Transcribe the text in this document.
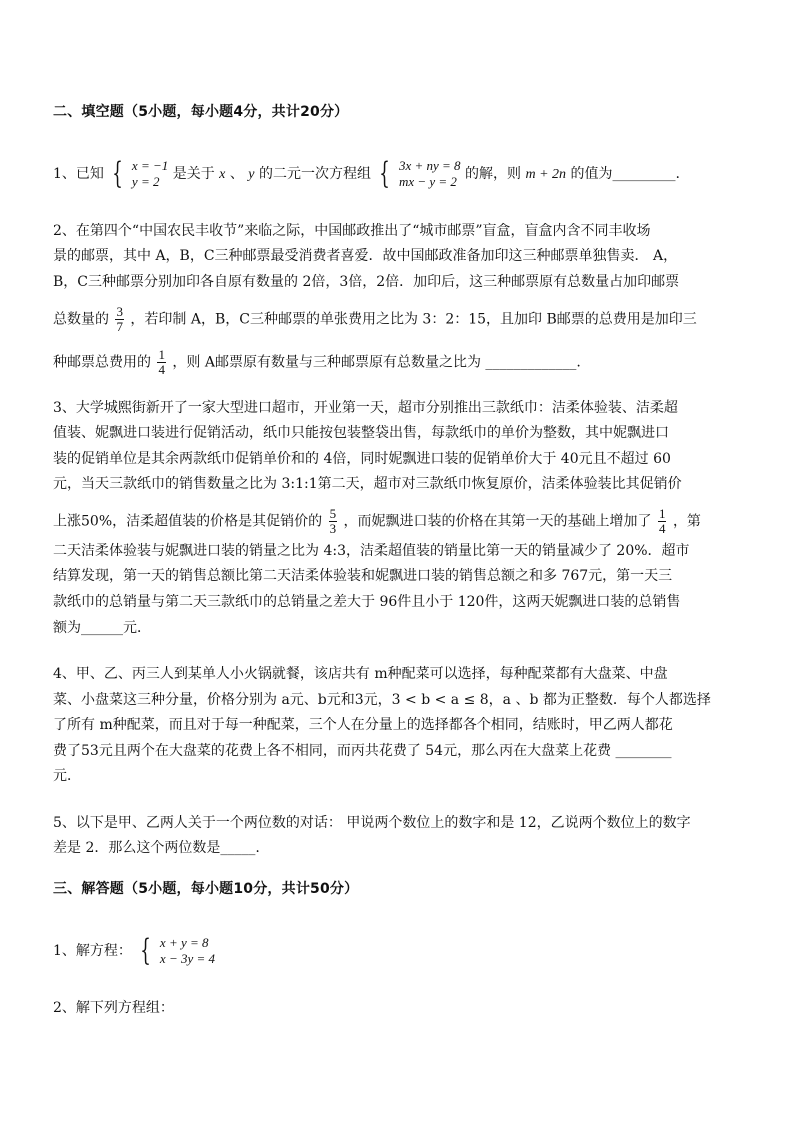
二、填空题（5小题，每小题4分，共计20分）
1、已知 { x = −1
y = 2 是关于 x 、 y 的二元一次方程组 { 3x + ny = 8
mx − y = 2 的解，则 m + 2n 的值为_________.
2、在第四个“中国农民丰收节”来临之际，中国邮政推出了“城市邮票”盲盒，盲盒内含不同丰收场
景的邮票，其中 A，B，C三种邮票最受消费者喜爱．故中国邮政准备加印这三种邮票单独售卖． A，
B，C三种邮票分别加印各自原有数量的 2倍，3倍，2倍．加印后，这三种邮票原有总数量占加印邮票
总数量的 $\frac{3}{7}$ ，若印制 A，B，C三种邮票的单张费用之比为 3：2：15，且加印 B邮票的总费用是加印三
种邮票总费用的 $\frac{1}{4}$ ，则 A邮票原有数量与三种邮票原有总数量之比为 _____________.
3、大学城熙街新开了一家大型进口超市，开业第一天，超市分别推出三款纸巾：洁柔体验装、洁柔超
值装、妮飘进口装进行促销活动，纸巾只能按包装整袋出售，每款纸巾的单价为整数，其中妮飘进口
装的促销单位是其余两款纸巾促销单价和的 4倍，同时妮飘进口装的促销单价大于 40元且不超过 60
元，当天三款纸巾的销售数量之比为 3:1:1第二天，超市对三款纸巾恢复原价，洁柔体验装比其促销价
上涨50%，洁柔超值装的价格是其促销价的 $\frac{5}{3}$ ，而妮飘进口装的价格在其第一天的基础上增加了 $\frac{1}{4}$ ，第
二天洁柔体验装与妮飘进口装的销量之比为 4:3，洁柔超值装的销量比第一天的销量减少了 20%．超市
结算发现，第一天的销售总额比第二天洁柔体验装和妮飘进口装的销售总额之和多 767元，第一天三
款纸巾的总销量与第二天三款纸巾的总销量之差大于 96件且小于 120件，这两天妮飘进口装的总销售
额为______元．
4、甲、乙、丙三人到某单人小火锅就餐，该店共有 m种配菜可以选择，每种配菜都有大盘菜、中盘
菜、小盘菜这三种分量，价格分别为 a元、b元和3元，3 < b < a ≤ 8，a 、b 都为正整数．每个人都选择
了所有 m种配菜，而且对于每一种配菜，三个人在分量上的选择都各个相同，结账时，甲乙两人都花
费了53元且两个在大盘菜的花费上各不相同，而丙共花费了 54元，那么丙在大盘菜上花费 ________
元．
5、以下是甲、乙两人关于一个两位数的对话： 甲说两个数位上的数字和是 12，乙说两个数位上的数字
差是 2．那么这个两位数是_____.
三、解答题（5小题，每小题10分，共计50分）
1、解方程： { x + y = 8
x − 3y = 4
2、解下列方程组：
